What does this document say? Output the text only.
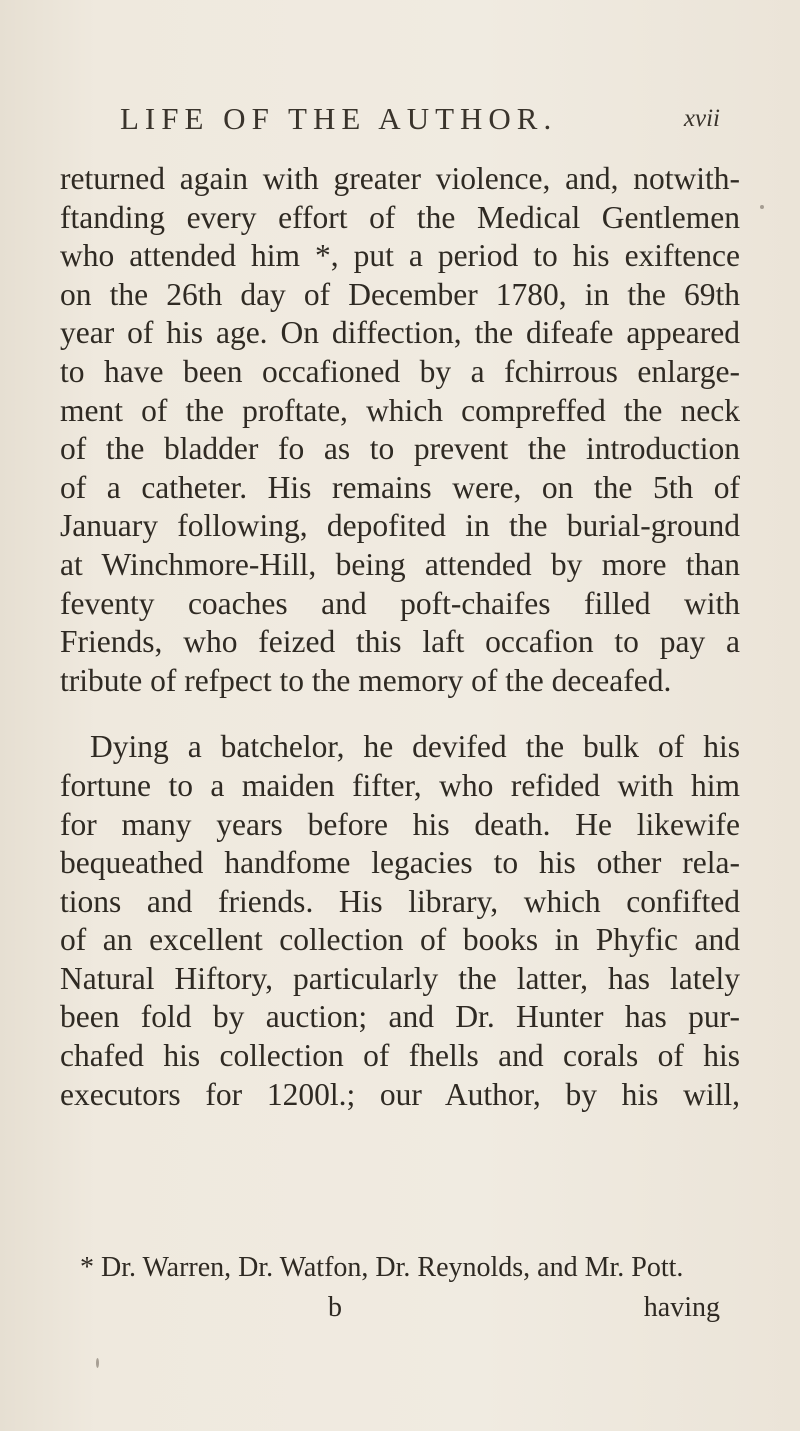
LIFE OF THE AUTHOR.	xvii
returned again with greater violence, and, notwith-
ftanding every effort of the Medical Gentlemen
who attended him *, put a period to his exiftence
on the 26th day of December 1780, in the 69th
year of his age. On diffection, the difeafe appeared
to have been occafioned by a fchirrous enlarge-
ment of the proftate, which compreffed the neck
of the bladder fo as to prevent the introduction
of a catheter. His remains were, on the 5th of
January following, depofited in the burial-ground
at Winchmore-Hill, being attended by more than
feventy coaches and poft-chaifes filled with
Friends, who feized this laft occafion to pay a
tribute of refpect to the memory of the deceafed.
Dying a batchelor, he devifed the bulk of his
fortune to a maiden fifter, who refided with him
for many years before his death. He likewife
bequeathed handfome legacies to his other rela-
tions and friends. His library, which confifted
of an excellent collection of books in Phyfic and
Natural Hiftory, particularly the latter, has lately
been fold by auction; and Dr. Hunter has pur-
chafed his collection of fhells and corals of his
executors for 1200l.; our Author, by his will,
* Dr. Warren, Dr. Watfon, Dr. Reynolds, and Mr. Pott.
b	having
